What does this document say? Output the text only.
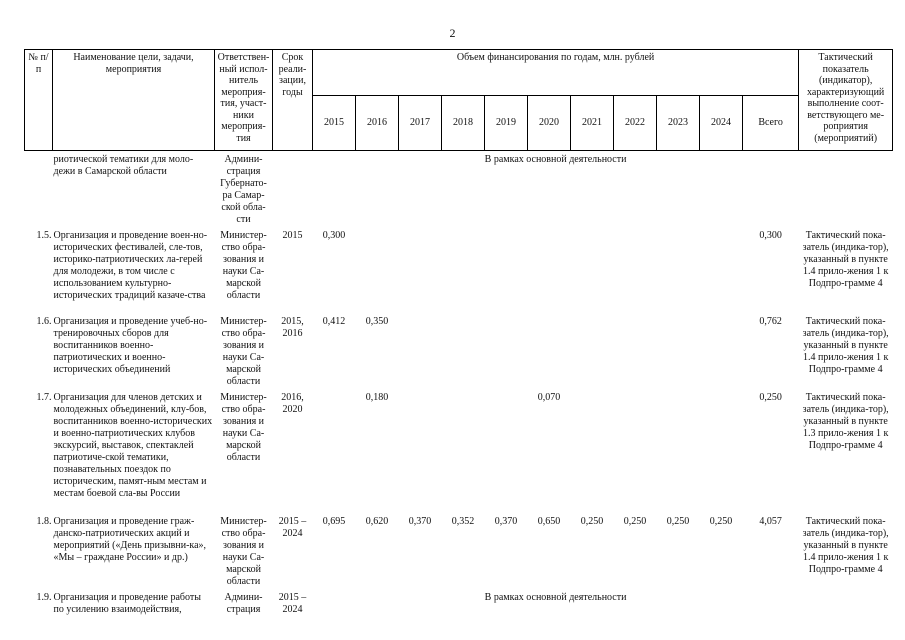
2
№ п/п	Наименование цели, задачи, мероприятия	Ответствен-ный испол-нитель мероприя-тия, участ-ники мероприя-тия	Срок реали-зации, годы	Объем финансирования по годам, млн. рублей											Тактический показатель (индикатор), характеризующий выполнение соот-ветствующего ме-роприятия (мероприятий)
				2015	2016	2017	2018	2019	2020	2021	2022	2023	2024	Всего	
	риотической тематики для моло-дежи в Самарской области	Админи-страция Губернато-ра Самар-ской обла-сти		В рамках основной деятельности											
1.5.	Организация и проведение воен-но-исторических фестивалей, сле-тов, историко-патриотических ла-герей для молодежи, в том числе с использованием культурно-исторических традиций казаче-ства	Министер-ство обра-зования и науки Са-марской области	2015	0,300										0,300	Тактический пока-затель (индика-тор), указанный в пункте 1.4 прило-жения 1 к Подпро-грамме 4
1.6.	Организация и проведение учеб-но-тренировочных сборов для воспитанников военно-патриотических и военно-исторических объединений	Министер-ство обра-зования и науки Са-марской области	2015, 2016	0,412	0,350									0,762	Тактический пока-затель (индика-тор), указанный в пункте 1.4 прило-жения 1 к Подпро-грамме 4
1.7.	Организация для членов детских и молодежных объединений, клу-бов, воспитанников военно-исторических и военно-патриотических клубов экскурсий, выставок, спектаклей патриотиче-ской тематики, познавательных поездок по историческим, памят-ным местам и местам боевой сла-вы России	Министер-ство обра-зования и науки Са-марской области	2016, 2020		0,180				0,070					0,250	Тактический пока-затель (индика-тор), указанный в пункте 1.3 прило-жения 1 к Подпро-грамме 4
1.8.	Организация и проведение граж-данско-патриотических акций и мероприятий («День призывни-ка», «Мы – граждане России» и др.)	Министер-ство обра-зования и науки Са-марской области	2015 – 2024	0,695	0,620	0,370	0,352	0,370	0,650	0,250	0,250	0,250	0,250	4,057	Тактический пока-затель (индика-тор), указанный в пункте 1.4 прило-жения 1 к Подпро-грамме 4
1.9.	Организация и проведение работы по усилению взаимодействия,	Админи-страция	2015 – 2024	В рамках основной деятельности											
